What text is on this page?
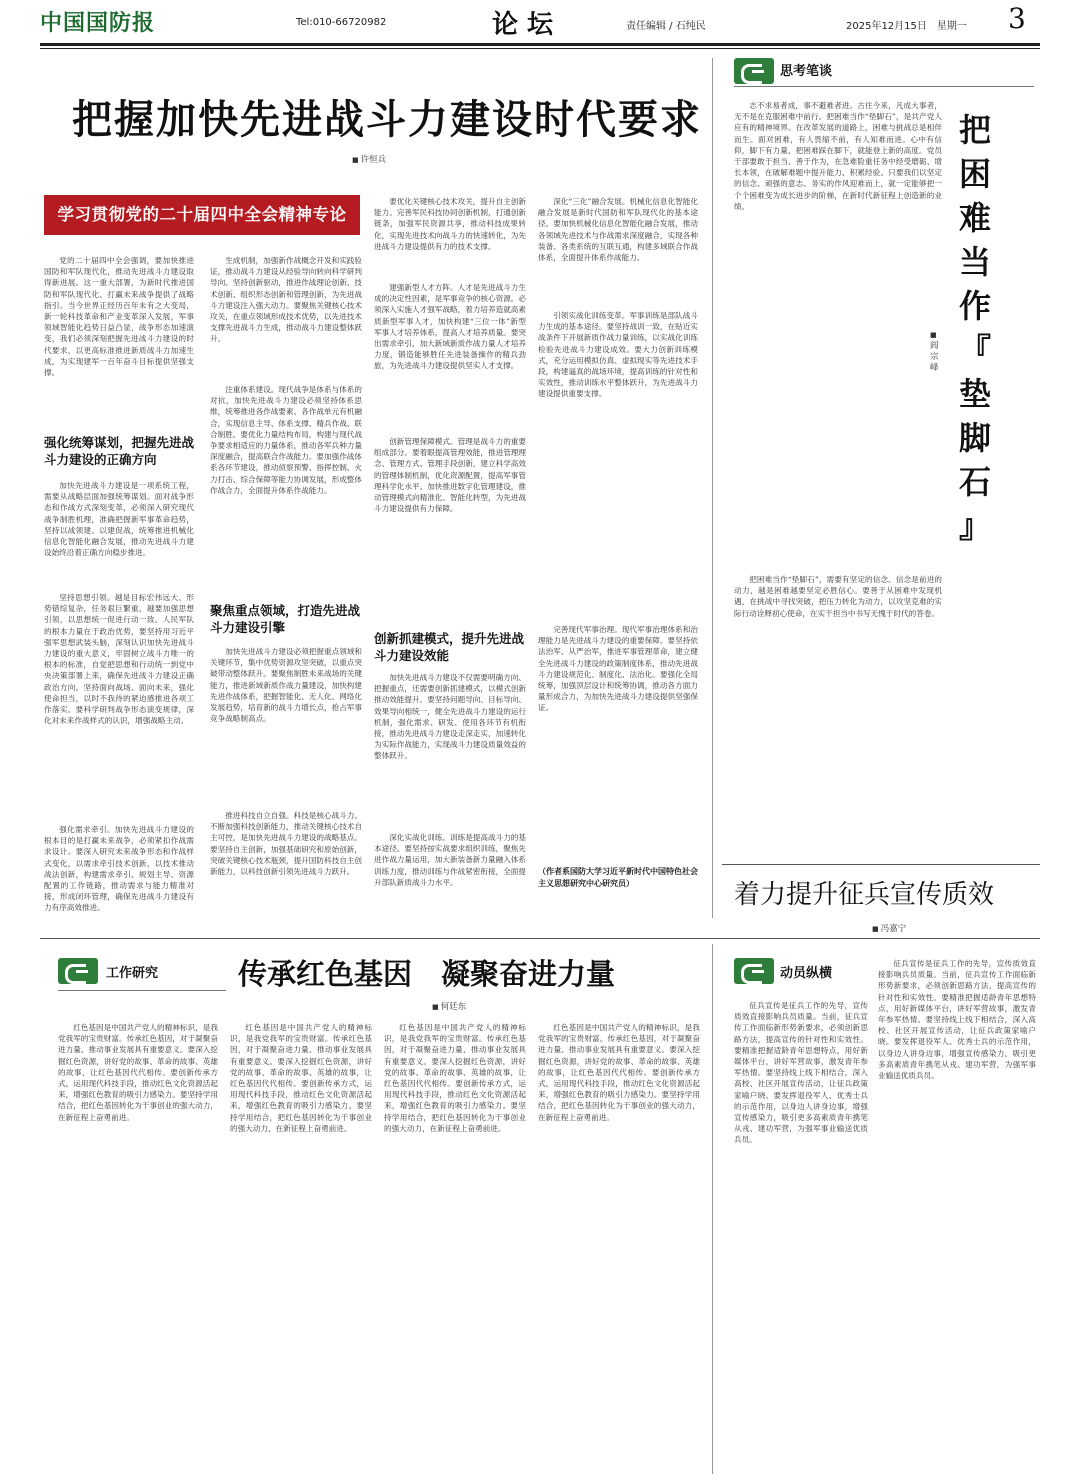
中国国防报	Tel:010-66720982	论 坛	责任编辑 / 石纯民	2025年12月15日　星期一 3
把握加快先进战斗力建设时代要求
■ 许恒兵
学习贯彻党的二十届四中全会精神专论
党的二十届四中全会强调，要加快推进国防和军队现代化，推动先进战斗力建设取得新进展。这一重大部署，为新时代推进国防和军队现代化、打赢未来战争提供了战略指引。当今世界正经历百年未有之大变局，新一轮科技革命和产业变革深入发展，军事领域智能化趋势日益凸显，战争形态加速演变，我们必须深刻把握先进战斗力建设的时代要求，以更高标准推进新质战斗力加速生成，为实现建军一百年奋斗目标提供坚强支撑。
强化统筹谋划，把握先进战斗力建设的正确方向
加快先进战斗力建设是一项系统工程，需要从战略层面加强统筹谋划。面对战争形态和作战方式深刻变革，必须深入研究现代战争制胜机理，准确把握新军事革命趋势，坚持以战领建、以建促战，统筹推进机械化信息化智能化融合发展，推动先进战斗力建设始终沿着正确方向稳步推进。
坚持思想引领。越是目标宏伟远大、形势错综复杂，任务艰巨繁重，越要加强思想引领，以思想统一促进行动一致。人民军队的根本力量在于政治优势，要坚持用习近平强军思想武装头脑，深刻认识加快先进战斗力建设的重大意义，牢固树立战斗力唯一的根本的标准，自觉把思想和行动统一到党中央决策部署上来，确保先进战斗力建设正确政治方向。坚持面向战场、面向未来，强化使命担当，以时不我待的紧迫感推进各项工作落实。要科学研判战争形态演变规律，深化对未来作战样式的认识，增强战略主动。
强化需求牵引。加快先进战斗力建设的根本目的是打赢未来战争，必须紧扣作战需求设计。要深入研究未来战争形态和作战样式变化，以需求牵引技术创新，以技术推动战法创新，构建需求牵引、规划主导、资源配置的工作链路，推动需求与能力精准对接，形成闭环管理，确保先进战斗力建设有力有序高效推进。
生成机制，加强新作战概念开发和实践验证，推动战斗力建设从经验导向转向科学研判导向。坚持创新驱动，推进作战理论创新、技术创新、组织形态创新和管理创新，为先进战斗力建设注入强大动力。要聚焦关键核心技术攻关，在重点领域形成技术优势，以先进技术支撑先进战斗力生成，推动战斗力建设整体跃升。
注重体系建设。现代战争是体系与体系的对抗，加快先进战斗力建设必须坚持体系思维，统筹推进各作战要素、各作战单元有机融合，实现信息主导、体系支撑、精兵作战、联合制胜。要优化力量结构布局，构建与现代战争要求相适应的力量体系，推动各军兵种力量深度融合，提高联合作战能力。要加强作战体系各环节建设，推动侦察预警、指挥控制、火力打击、综合保障等能力协调发展，形成整体作战合力，全面提升体系作战能力。
聚焦重点领域，打造先进战斗力建设引擎
加快先进战斗力建设必须把握重点领域和关键环节，集中优势资源攻坚突破，以重点突破带动整体跃升。要聚焦制胜未来战场的关键能力，推进新域新质作战力量建设，加快构建先进作战体系，把握智能化、无人化、网络化发展趋势，培育新的战斗力增长点，抢占军事竞争战略制高点。
推进科技自立自强。科技是核心战斗力。不断加强科技创新能力，推动关键核心技术自主可控，是加快先进战斗力建设的战略基点。要坚持自主创新，加强基础研究和原始创新，突破关键核心技术瓶颈，提升国防科技自主创新能力，以科技创新引领先进战斗力跃升。
要优化关键核心技术攻关，提升自主创新能力。完善军民科技协同创新机制，打通创新链条，加强军民资源共享，推动科技成果转化，实现先进技术向战斗力的快速转化，为先进战斗力建设提供有力的技术支撑。
建强新型人才方阵。人才是先进战斗力生成的决定性因素，是军事竞争的核心资源。必须深入实施人才强军战略，着力培养造就高素质新型军事人才，加快构建“三位一体”新型军事人才培养体系，提高人才培养质量。要突出需求牵引，加大新域新质作战力量人才培养力度，锻造能够胜任先进装备操作的精兵劲旅，为先进战斗力建设提供坚实人才支撑。
创新管理保障模式。管理是战斗力的重要组成部分。要着眼提高管理效能，推进管理理念、管理方式、管理手段创新，建立科学高效的管理体制机制，优化资源配置，提高军事管理科学化水平。加快推进数字化管理建设，推动管理模式向精准化、智能化转型，为先进战斗力建设提供有力保障。
创新抓建模式，提升先进战斗力建设效能
加快先进战斗力建设不仅需要明确方向、把握重点，还需要创新抓建模式，以模式创新推动效能提升。要坚持问题导向、目标导向、效果导向相统一，健全先进战斗力建设的运行机制，强化需求、研发、使用各环节有机衔接，推动先进战斗力建设走深走实，加速转化为实际作战能力，实现战斗力建设质量效益的整体跃升。
深化实战化训练。训练是提高战斗力的基本途径。要坚持按实战要求组织训练，聚焦先进作战力量运用，加大新装备新力量融入体系训练力度，推动训练与作战紧密衔接，全面提升部队新质战斗力水平。
深化“三化”融合发展。机械化信息化智能化融合发展是新时代国防和军队现代化的基本途径。要加快机械化信息化智能化融合发展，推动各领域先进技术与作战需求深度融合，实现各种装备、各类系统的互联互通，构建多域联合作战体系，全面提升体系作战能力。
引领实战化训练变革。军事训练是部队战斗力生成的基本途径。要坚持战训一致，在贴近实战条件下开展新质作战力量训练，以实战化训练检验先进战斗力建设成效。要大力创新训练模式，充分运用模拟仿真、虚拟现实等先进技术手段，构建逼真的战场环境，提高训练的针对性和实效性，推动训练水平整体跃升，为先进战斗力建设提供重要支撑。
完善现代军事治理。现代军事治理体系和治理能力是先进战斗力建设的重要保障。要坚持依法治军、从严治军，推进军事管理革命，建立健全先进战斗力建设的政策制度体系，推动先进战斗力建设规范化、制度化、法治化。要强化全局统筹，加强顶层设计和统筹协调，推动各方面力量形成合力，为加快先进战斗力建设提供坚强保证。
（作者系国防大学习近平新时代中国特色社会主义思想研究中心研究员）
思考笔谈
把
困
难
当
作
『
垫
脚
石
』
■ 阎宗峰
志不求易者成，事不避难者进。古往今来，凡成大事者，无不是在克服困难中前行。把困难当作“垫脚石”，是共产党人应有的精神境界。在改革发展的道路上，困难与挑战总是相伴而生。面对困难，有人畏缩不前，有人知难而进。心中有信仰，脚下有力量，把困难踩在脚下，就能登上新的高度。党员干部要敢于担当、善于作为，在急难险重任务中经受磨砺、增长本领，在破解难题中提升能力、积累经验。只要我们以坚定的信念、顽强的意志、务实的作风迎难而上，就一定能够把一个个困难变为成长进步的阶梯，在新时代新征程上创造新的业绩。
把困难当作“垫脚石”，需要有坚定的信念。信念是前进的动力，越是困难越要坚定必胜信心。要善于从困难中发现机遇，在挑战中寻找突破，把压力转化为动力，以攻坚克难的实际行动诠释初心使命，在实干担当中书写无愧于时代的答卷。
着力提升征兵宣传质效
■ 冯嘉宁
工作研究	传承红色基因　凝聚奋进力量
■ 何廷东
红色基因是中国共产党人的精神标识，是我党我军的宝贵财富。传承红色基因，对于凝聚奋进力量、推动事业发展具有重要意义。要深入挖掘红色资源，讲好党的故事、革命的故事、英雄的故事，让红色基因代代相传。要创新传承方式，运用现代科技手段，推动红色文化资源活起来，增强红色教育的吸引力感染力。要坚持学用结合，把红色基因转化为干事创业的强大动力，在新征程上奋勇前进。
红色基因是中国共产党人的精神标识，是我党我军的宝贵财富。传承红色基因，对于凝聚奋进力量、推动事业发展具有重要意义。要深入挖掘红色资源，讲好党的故事、革命的故事、英雄的故事，让红色基因代代相传。要创新传承方式，运用现代科技手段，推动红色文化资源活起来，增强红色教育的吸引力感染力。要坚持学用结合，把红色基因转化为干事创业的强大动力，在新征程上奋勇前进。
红色基因是中国共产党人的精神标识，是我党我军的宝贵财富。传承红色基因，对于凝聚奋进力量、推动事业发展具有重要意义。要深入挖掘红色资源，讲好党的故事、革命的故事、英雄的故事，让红色基因代代相传。要创新传承方式，运用现代科技手段，推动红色文化资源活起来，增强红色教育的吸引力感染力。要坚持学用结合，把红色基因转化为干事创业的强大动力，在新征程上奋勇前进。
红色基因是中国共产党人的精神标识，是我党我军的宝贵财富。传承红色基因，对于凝聚奋进力量、推动事业发展具有重要意义。要深入挖掘红色资源，讲好党的故事、革命的故事、英雄的故事，让红色基因代代相传。要创新传承方式，运用现代科技手段，推动红色文化资源活起来，增强红色教育的吸引力感染力。要坚持学用结合，把红色基因转化为干事创业的强大动力，在新征程上奋勇前进。
动员纵横
征兵宣传是征兵工作的先导，宣传质效直接影响兵员质量。当前，征兵宣传工作面临新形势新要求，必须创新思路方法，提高宣传的针对性和实效性。要精准把握适龄青年思想特点，用好新媒体平台，讲好军营故事，激发青年参军热情。要坚持线上线下相结合，深入高校、社区开展宣传活动，让征兵政策家喻户晓。要发挥退役军人、优秀士兵的示范作用，以身边人讲身边事，增强宣传感染力，吸引更多高素质青年携笔从戎、建功军营，为强军事业输送优质兵员。
征兵宣传是征兵工作的先导，宣传质效直接影响兵员质量。当前，征兵宣传工作面临新形势新要求，必须创新思路方法，提高宣传的针对性和实效性。要精准把握适龄青年思想特点，用好新媒体平台，讲好军营故事，激发青年参军热情。要坚持线上线下相结合，深入高校、社区开展宣传活动，让征兵政策家喻户晓。要发挥退役军人、优秀士兵的示范作用，以身边人讲身边事，增强宣传感染力，吸引更多高素质青年携笔从戎、建功军营，为强军事业输送优质兵员。
